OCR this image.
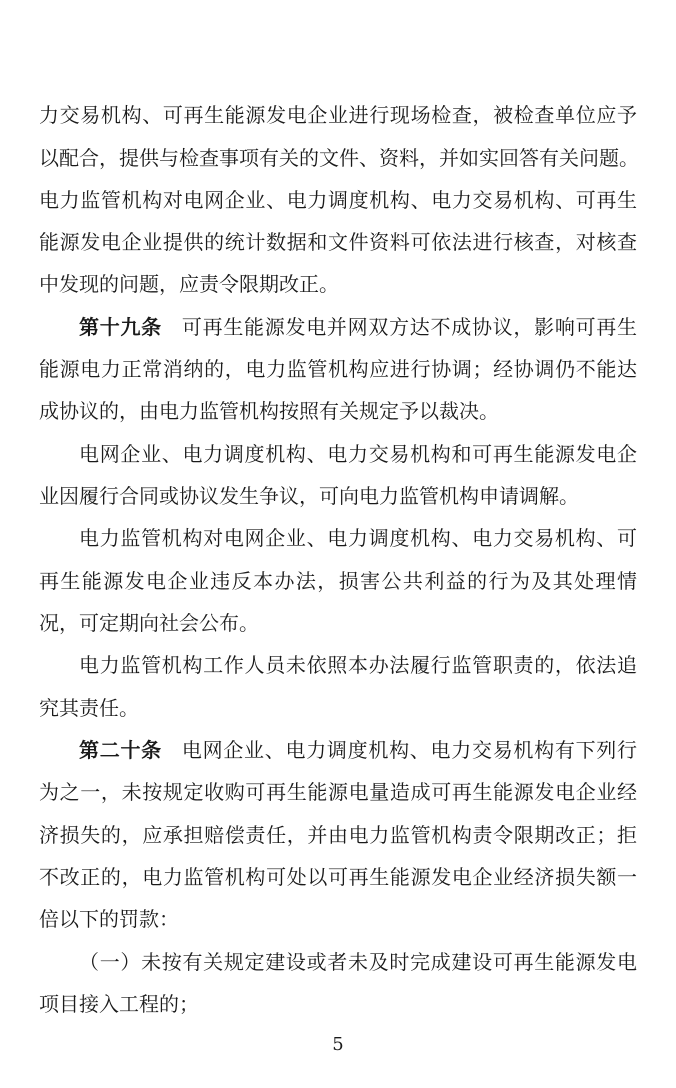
力交易机构、可再生能源发电企业进行现场检查，被检查单位应予
以配合，提供与检查事项有关的文件、资料，并如实回答有关问题。
电力监管机构对电网企业、电力调度机构、电力交易机构、可再生
能源发电企业提供的统计数据和文件资料可依法进行核查，对核查
中发现的问题，应责令限期改正。
第十九条 可再生能源发电并网双方达不成协议，影响可再生
能源电力正常消纳的，电力监管机构应进行协调；经协调仍不能达
成协议的，由电力监管机构按照有关规定予以裁决。
电网企业、电力调度机构、电力交易机构和可再生能源发电企
业因履行合同或协议发生争议，可向电力监管机构申请调解。
电力监管机构对电网企业、电力调度机构、电力交易机构、可
再生能源发电企业违反本办法，损害公共利益的行为及其处理情
况，可定期向社会公布。
电力监管机构工作人员未依照本办法履行监管职责的，依法追
究其责任。
第二十条 电网企业、电力调度机构、电力交易机构有下列行
为之一，未按规定收购可再生能源电量造成可再生能源发电企业经
济损失的，应承担赔偿责任，并由电力监管机构责令限期改正；拒
不改正的，电力监管机构可处以可再生能源发电企业经济损失额一
倍以下的罚款：
（一）未按有关规定建设或者未及时完成建设可再生能源发电
项目接入工程的；
5
